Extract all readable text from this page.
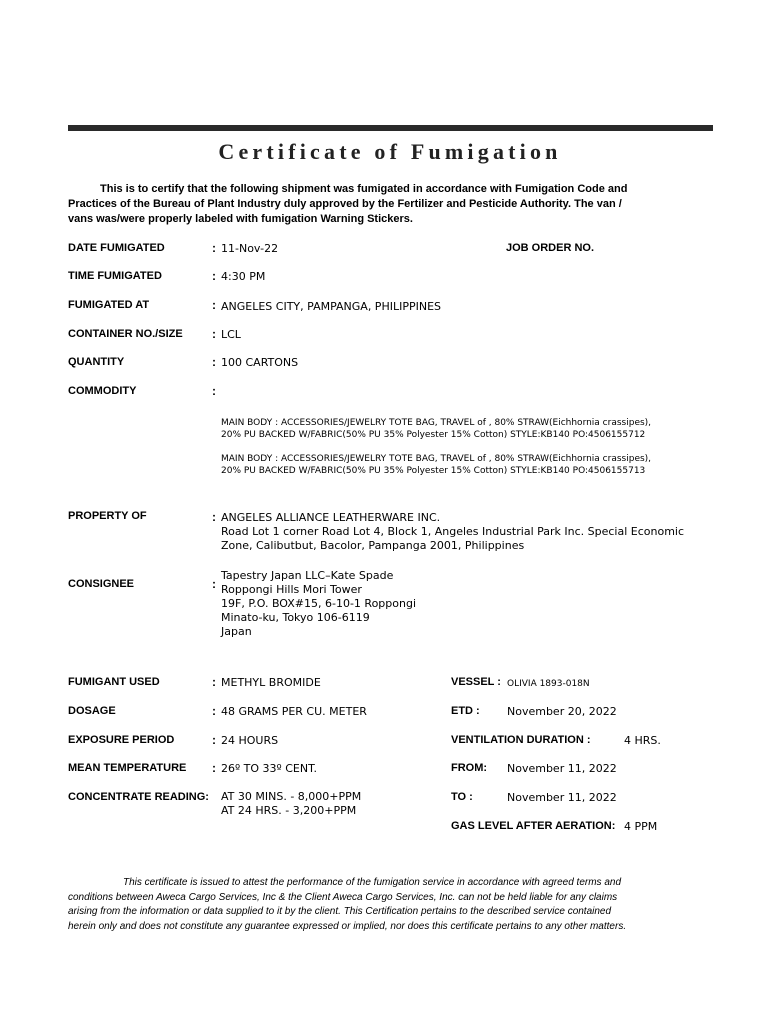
Certificate of Fumigation
This is to certify that the following shipment was fumigated in accordance with Fumigation Code and Practices of the Bureau of Plant Industry duly approved by the Fertilizer and Pesticide Authority. The van / vans was/were properly labeled with fumigation Warning Stickers.
DATE FUMIGATED	: 11-Nov-22	JOB ORDER NO.
TIME FUMIGATED	: 4:30 PM
FUMIGATED AT	: ANGELES CITY, PAMPANGA, PHILIPPINES
CONTAINER NO./SIZE : LCL
QUANTITY	: 100 CARTONS
COMMODITY	:
MAIN BODY : ACCESSORIES/JEWELRY TOTE BAG, TRAVEL of , 80% STRAW(Eichhornia crassipes),
20% PU BACKED W/FABRIC(50% PU 35% Polyester 15% Cotton) STYLE:KB140 PO:4506155712
MAIN BODY : ACCESSORIES/JEWELRY TOTE BAG, TRAVEL of , 80% STRAW(Eichhornia crassipes),
20% PU BACKED W/FABRIC(50% PU 35% Polyester 15% Cotton) STYLE:KB140 PO:4506155713
PROPERTY OF	: ANGELES ALLIANCE LEATHERWARE INC.
Road Lot 1 corner Road Lot 4, Block 1, Angeles Industrial Park Inc. Special Economic
Zone, Calibutbut, Bacolor, Pampanga 2001, Philippines
CONSIGNEE	:
Tapestry Japan LLC–Kate Spade
Roppongi Hills Mori Tower
19F, P.O. BOX#15, 6-10-1 Roppongi
Minato-ku, Tokyo 106-6119
Japan
FUMIGANT USED	: METHYL BROMIDE
DOSAGE	: 48 GRAMS PER CU. METER
EXPOSURE PERIOD	: 24 HOURS
MEAN TEMPERATURE : 26º TO 33º CENT.
CONCENTRATE READING: AT 30 MINS. - 8,000+PPM
AT 24 HRS. - 3,200+PPM
VESSEL : OLIVIA 1893-018N
ETD : November 20, 2022
VENTILATION DURATION :	4 HRS.
FROM: November 11, 2022
TO :	November 11, 2022
GAS LEVEL AFTER AERATION: 4 PPM
This certificate is issued to attest the performance of the fumigation service in accordance with agreed terms and conditions between Aweca Cargo Services, Inc & the Client Aweca Cargo Services, Inc. can not be held liable for any claims arising from the information or data supplied to it by the client. This Certification pertains to the described service contained herein only and does not constitute any guarantee expressed or implied, nor does this certificate pertains to any other matters.
